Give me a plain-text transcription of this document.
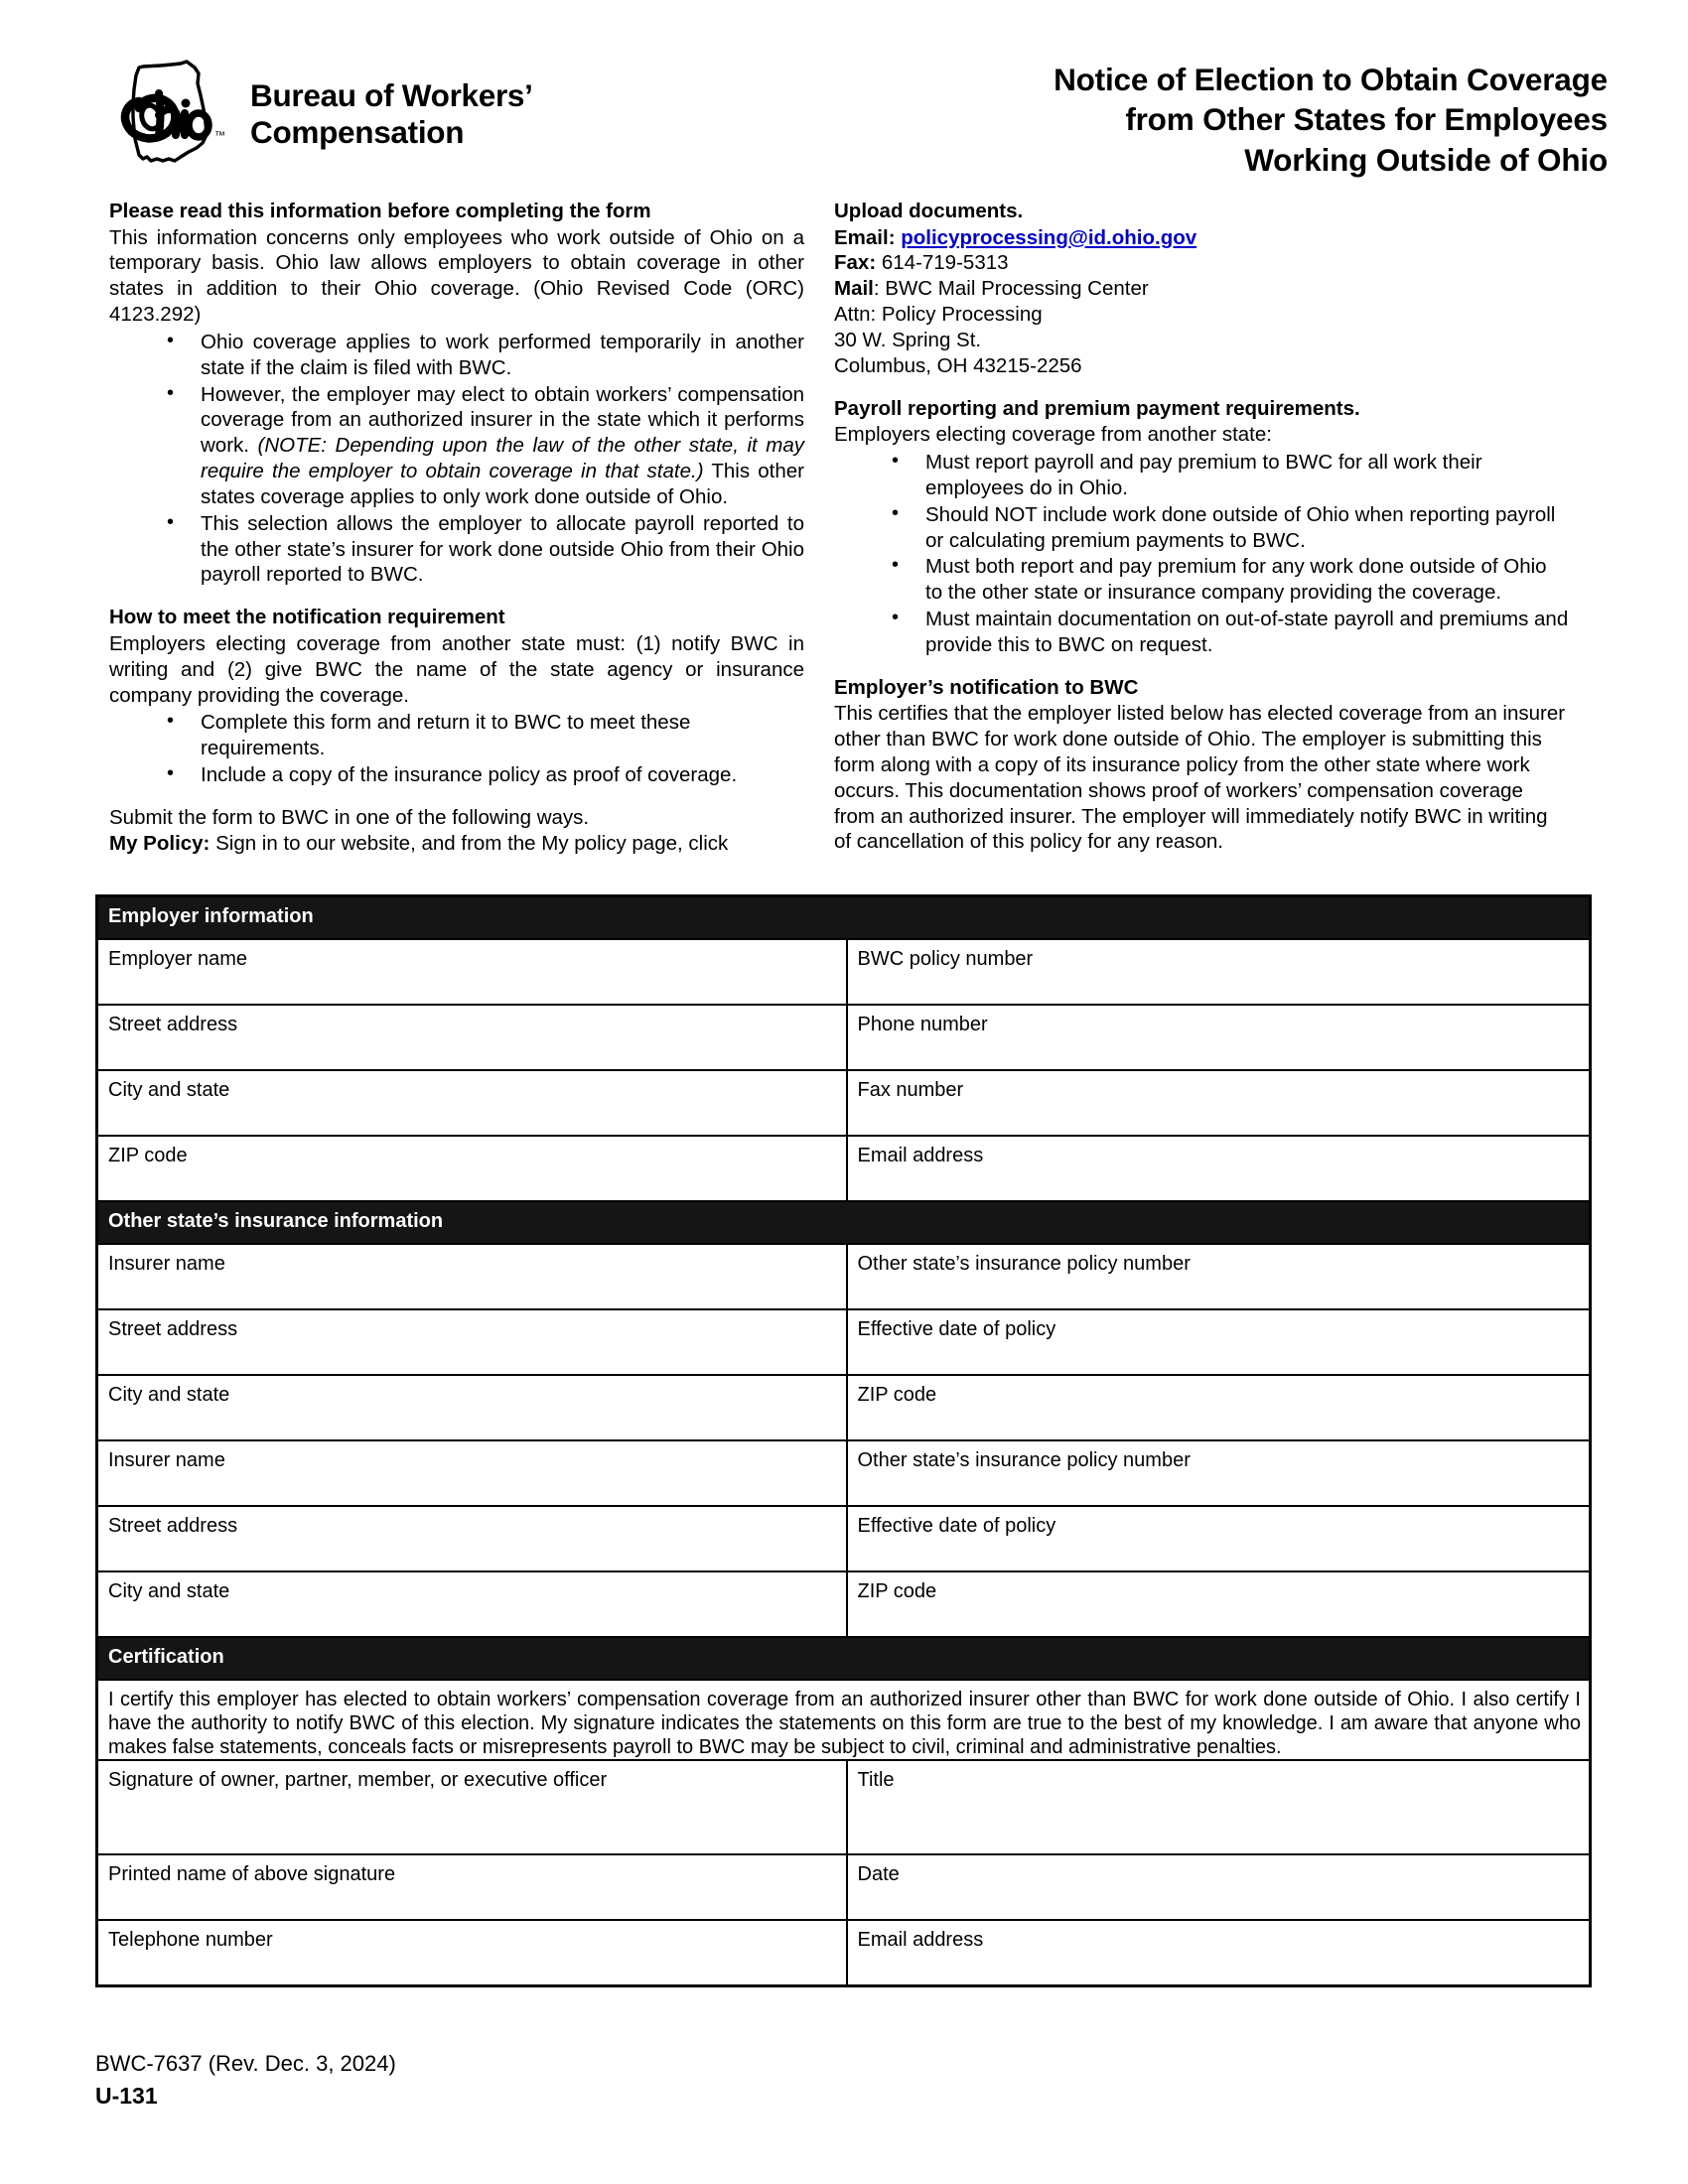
™
Bureau of Workers’
Compensation
Notice of Election to Obtain Coverage
from Other States for Employees
Working Outside of Ohio
Please read this information before completing the form

This information concerns only employees who work outside of Ohio on a temporary basis. Ohio law allows employers to obtain coverage in other states in addition to their Ohio coverage. (Ohio Revised Code (ORC) 4123.292)

• Ohio coverage applies to work performed temporarily in another state if the claim is filed with BWC.
• However, the employer may elect to obtain workers’ compensation coverage from an authorized insurer in the state which it performs work. (NOTE: Depending upon the law of the other state, it may require the employer to obtain coverage in that state.) This other states coverage applies to only work done outside of Ohio.
• This selection allows the employer to allocate payroll reported to the other state’s insurer for work done outside Ohio from their Ohio payroll reported to BWC.
How to meet the notification requirement

Employers electing coverage from another state must: (1) notify BWC in writing and (2) give BWC the name of the state agency or insurance company providing the coverage.

• Complete this form and return it to BWC to meet these requirements.
• Include a copy of the insurance policy as proof of coverage.

Submit the form to BWC in one of the following ways.

My Policy: Sign in to our website, and from the My policy page, click

Upload documents.

Email: policyprocessing@id.ohio.gov

Fax: 614-719-5313

Mail: BWC Mail Processing Center

Attn: Policy Processing

30 W. Spring St.

Columbus, OH 43215-2256

Payroll reporting and premium payment requirements.

Employers electing coverage from another state:

• Must report payroll and pay premium to BWC for all work their employees do in Ohio.
• Should NOT include work done outside of Ohio when reporting payroll or calculating premium payments to BWC.
• Must both report and pay premium for any work done outside of Ohio to the other state or insurance company providing the coverage.
• Must maintain documentation on out-of-state payroll and premiums and provide this to BWC on request.
Employer’s notification to BWC

This certifies that the employer listed below has elected coverage from an insurer other than BWC for work done outside of Ohio. The employer is submitting this form along with a copy of its insurance policy from the other state where work occurs. This documentation shows proof of workers’ compensation coverage from an authorized insurer. The employer will immediately notify BWC in writing of cancellation of this policy for any reason.

Employer information	
Employer name	BWC policy number
Street address	Phone number
City and state	Fax number
ZIP code	Email address
Other state’s insurance information	
Insurer name	Other state’s insurance policy number
Street address	Effective date of policy
City and state	ZIP code
Insurer name	Other state’s insurance policy number
Street address	Effective date of policy
City and state	ZIP code
Certification	
I certify this employer has elected to obtain workers’ compensation coverage from an authorized insurer other than BWC for work done outside of Ohio. I also certify I have the authority to notify BWC of this election. My signature indicates the statements on this form are true to the best of my knowledge. I am aware that anyone who makes false statements, conceals facts or misrepresents payroll to BWC may be subject to civil, criminal and administrative penalties.	
Signature of owner, partner, member, or executive officer	Title
Printed name of above signature	Date
Telephone number	Email address
BWC-7637 (Rev. Dec. 3, 2024)
U-131
